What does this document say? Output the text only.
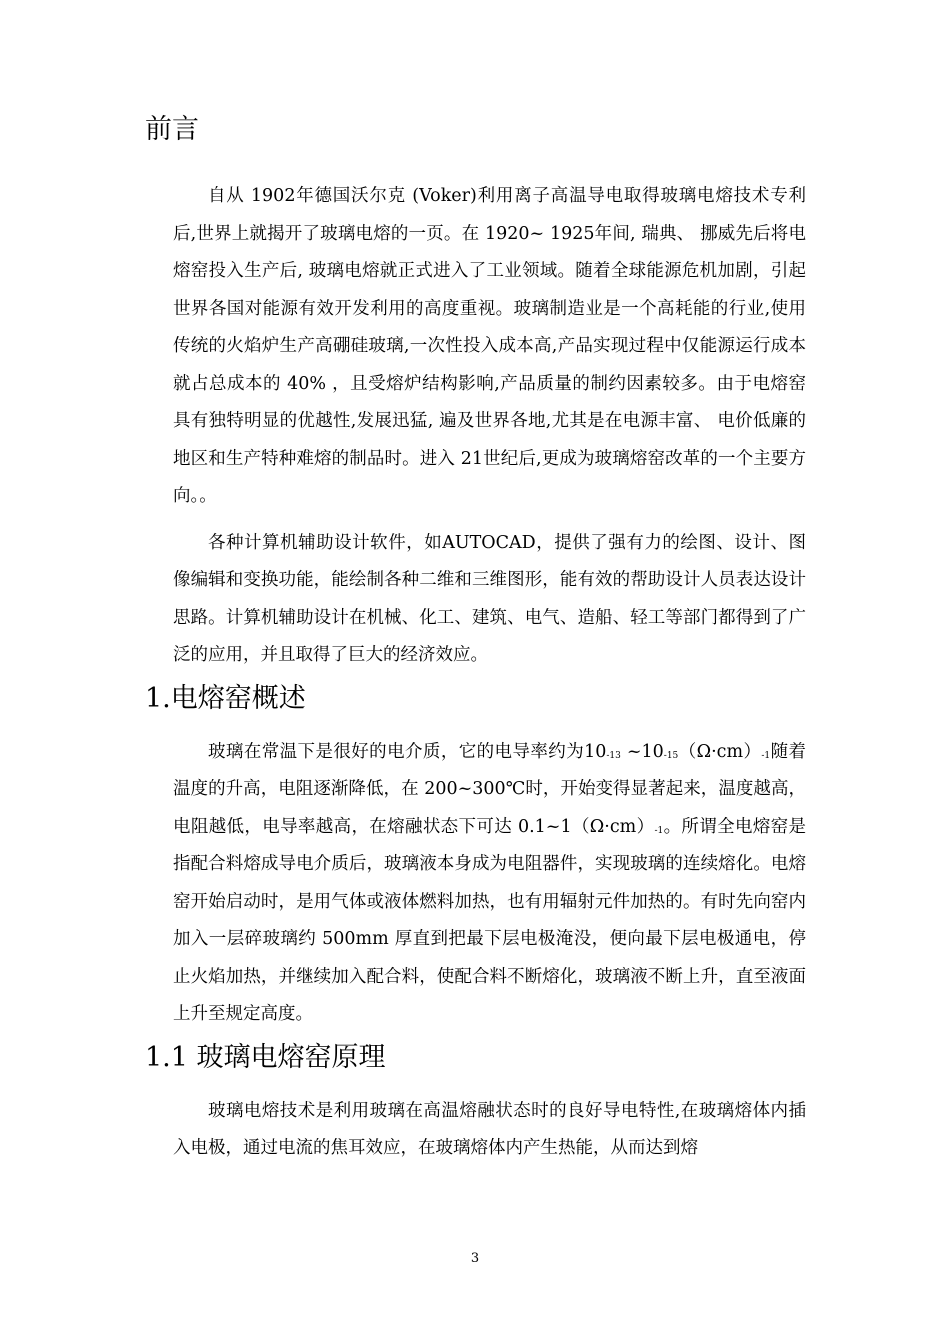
前言

自从 1902年德国沃尔克 (Voker)利用离子高温导电取得玻璃电熔技术专利后,世界上就揭开了玻璃电熔的一页。在 1920~ 1925年间, 瑞典、 挪威先后将电熔窑投入生产后, 玻璃电熔就正式进入了工业领域。随着全球能源危机加剧，引起世界各国对能源有效开发利用的高度重视。玻璃制造业是一个高耗能的行业,使用传统的火焰炉生产高硼硅玻璃,一次性投入成本高,产品实现过程中仅能源运行成本就占总成本的 40% ，且受熔炉结构影响,产品质量的制约因素较多。由于电熔窑具有独特明显的优越性,发展迅猛, 遍及世界各地,尤其是在电源丰富、 电价低廉的地区和生产特种难熔的制品时。进入 21世纪后,更成为玻璃熔窑改革的一个主要方向。。

各种计算机辅助设计软件，如AUTOCAD，提供了强有力的绘图、设计、图像编辑和变换功能，能绘制各种二维和三维图形，能有效的帮助设计人员表达设计思路。计算机辅助设计在机械、化工、建筑、电气、造船、轻工等部门都得到了广泛的应用，并且取得了巨大的经济效应。

1.电熔窑概述

玻璃在常温下是很好的电介质，它的电导率约为10-13 ~10-15（Ω·cm）-1随着温度的升高，电阻逐渐降低，在 200~300℃时，开始变得显著起来，温度越高，电阻越低，电导率越高，在熔融状态下可达 0.1~1（Ω·cm）-1。所谓全电熔窑是指配合料熔成导电介质后，玻璃液本身成为电阻器件，实现玻璃的连续熔化。电熔窑开始启动时，是用气体或液体燃料加热，也有用辐射元件加热的。有时先向窑内加入一层碎玻璃约 500mm 厚直到把最下层电极淹没，便向最下层电极通电，停止火焰加热，并继续加入配合料，使配合料不断熔化，玻璃液不断上升，直至液面上升至规定高度。

1.1 玻璃电熔窑原理

玻璃电熔技术是利用玻璃在高温熔融状态时的良好导电特性,在玻璃熔体内插入电极，通过电流的焦耳效应，在玻璃熔体内产生热能，从而达到熔

3
